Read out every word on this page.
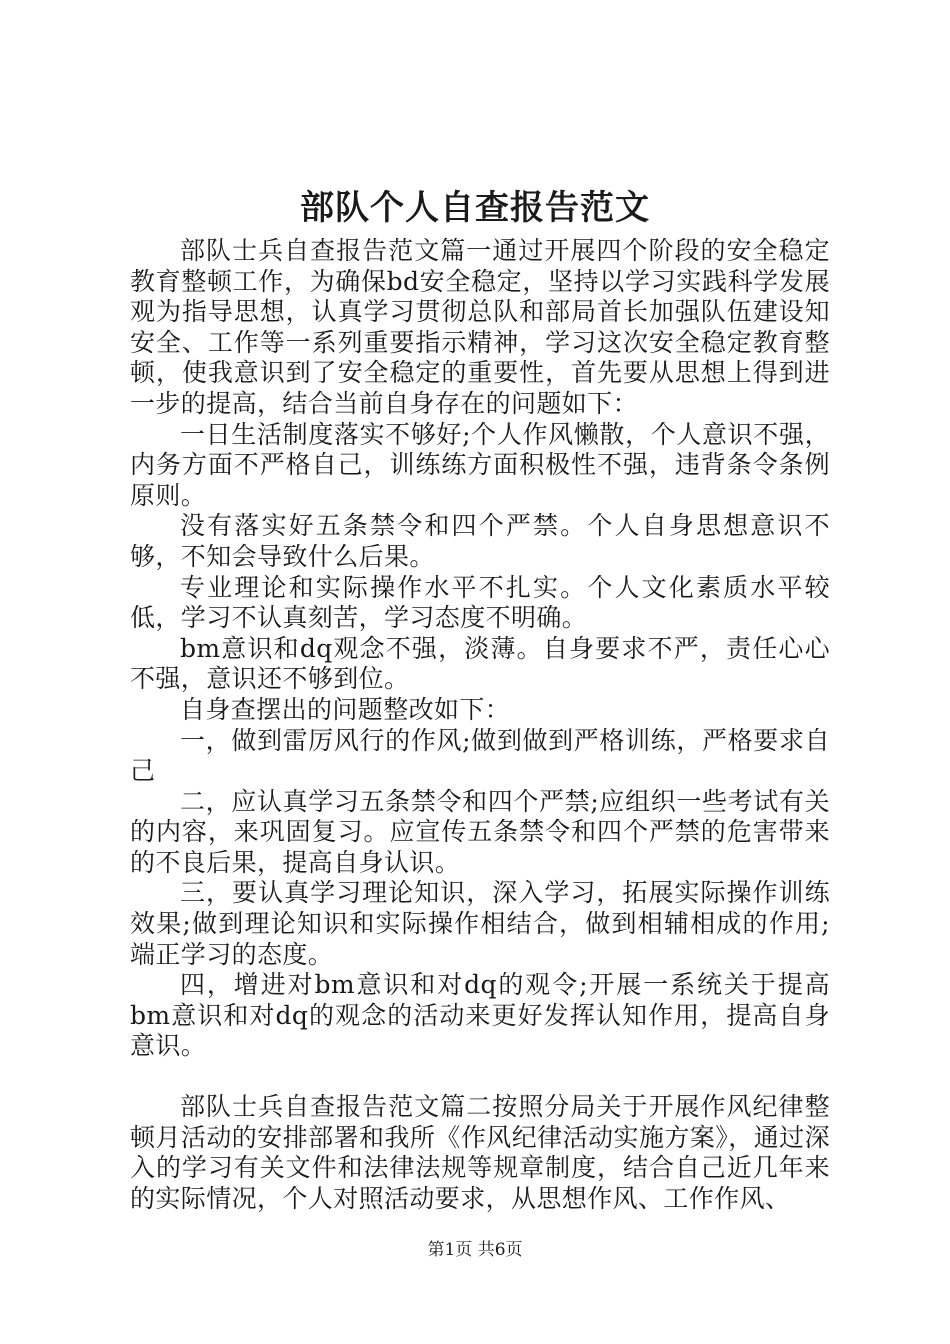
部队个人自查报告范文

部队士兵自查报告范文篇一通过开展四个阶段的安全稳定教育整顿工作，为确保bd安全稳定，坚持以学习实践科学发展观为指导思想，认真学习贯彻总队和部局首长加强队伍建设知安全、工作等一系列重要指示精神，学习这次安全稳定教育整顿，使我意识到了安全稳定的重要性，首先要从思想上得到进一步的提高，结合当前自身存在的问题如下：

一日生活制度落实不够好;个人作风懒散，个人意识不强，内务方面不严格自己，训练练方面积极性不强，违背条令条例原则。

没有落实好五条禁令和四个严禁。个人自身思想意识不够，不知会导致什么后果。

专业理论和实际操作水平不扎实。个人文化素质水平较低，学习不认真刻苦，学习态度不明确。

bm意识和dq观念不强，淡薄。自身要求不严，责任心心不强，意识还不够到位。

自身查摆出的问题整改如下：

一，做到雷厉风行的作风;做到做到严格训练，严格要求自己

二，应认真学习五条禁令和四个严禁;应组织一些考试有关的内容，来巩固复习。应宣传五条禁令和四个严禁的危害带来的不良后果，提高自身认识。

三，要认真学习理论知识，深入学习，拓展实际操作训练效果;做到理论知识和实际操作相结合，做到相辅相成的作用;端正学习的态度。

四，增进对bm意识和对dq的观令;开展一系统关于提高bm意识和对dq的观念的活动来更好发挥认知作用，提高自身意识。

部队士兵自查报告范文篇二按照分局关于开展作风纪律整顿月活动的安排部署和我所《作风纪律活动实施方案》，通过深入的学习有关文件和法律法规等规章制度，结合自己近几年来的实际情况，个人对照活动要求，从思想作风、工作作风、

第1页 共6页
